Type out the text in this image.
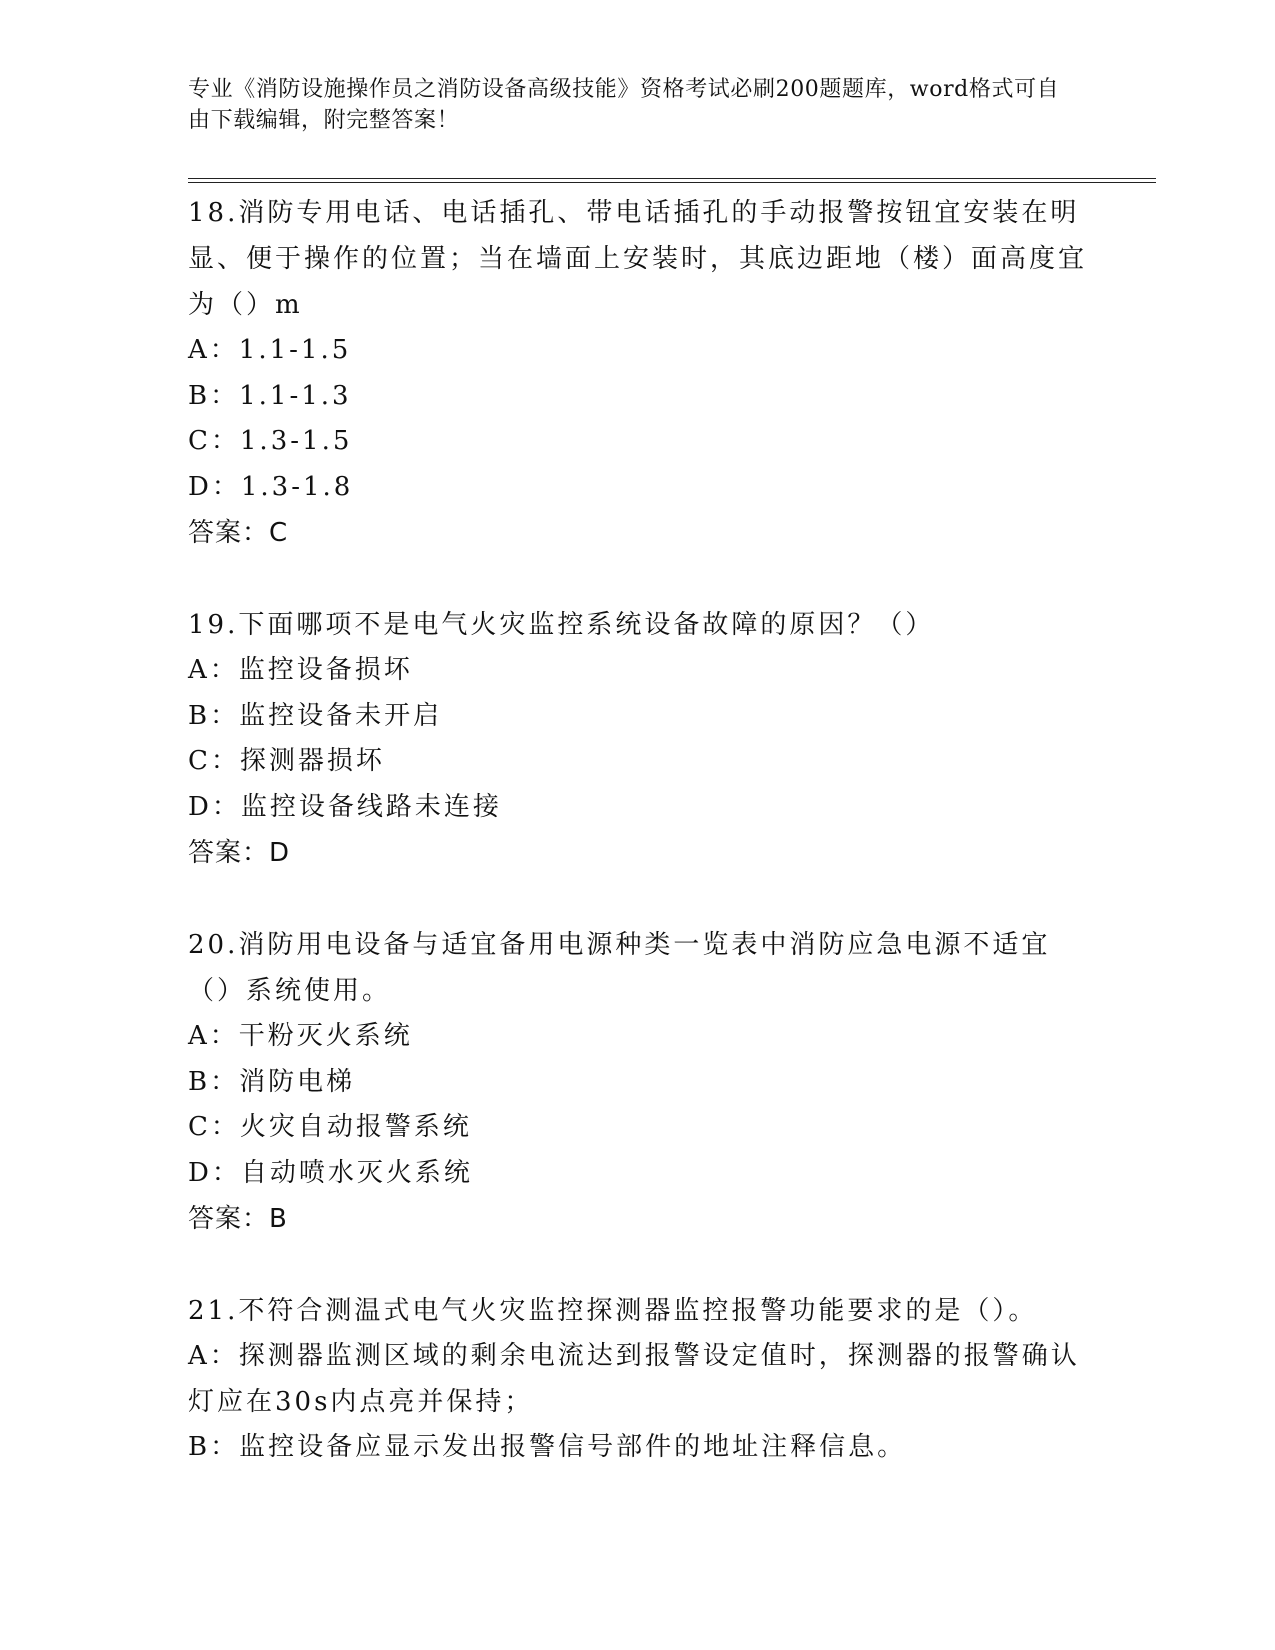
专业《消防设施操作员之消防设备高级技能》资格考试必刷200题题库，word格式可自由下载编辑，附完整答案！

18.消防专用电话、电话插孔、带电话插孔的手动报警按钮宜安装在明显、便于操作的位置；当在墙面上安装时，其底边距地（楼）面高度宜为（）m

A：1.1-1.5

B：1.1-1.3

C：1.3-1.5

D：1.3-1.8

答案：C

19.下面哪项不是电气火灾监控系统设备故障的原因？（）

A：监控设备损坏

B：监控设备未开启

C：探测器损坏

D：监控设备线路未连接

答案：D

20.消防用电设备与适宜备用电源种类一览表中消防应急电源不适宜（）系统使用。

A：干粉灭火系统

B：消防电梯

C：火灾自动报警系统

D：自动喷水灭火系统

答案：B

21.不符合测温式电气火灾监控探测器监控报警功能要求的是（）。

A：探测器监测区域的剩余电流达到报警设定值时，探测器的报警确认灯应在30s内点亮并保持；

B：监控设备应显示发出报警信号部件的地址注释信息。
